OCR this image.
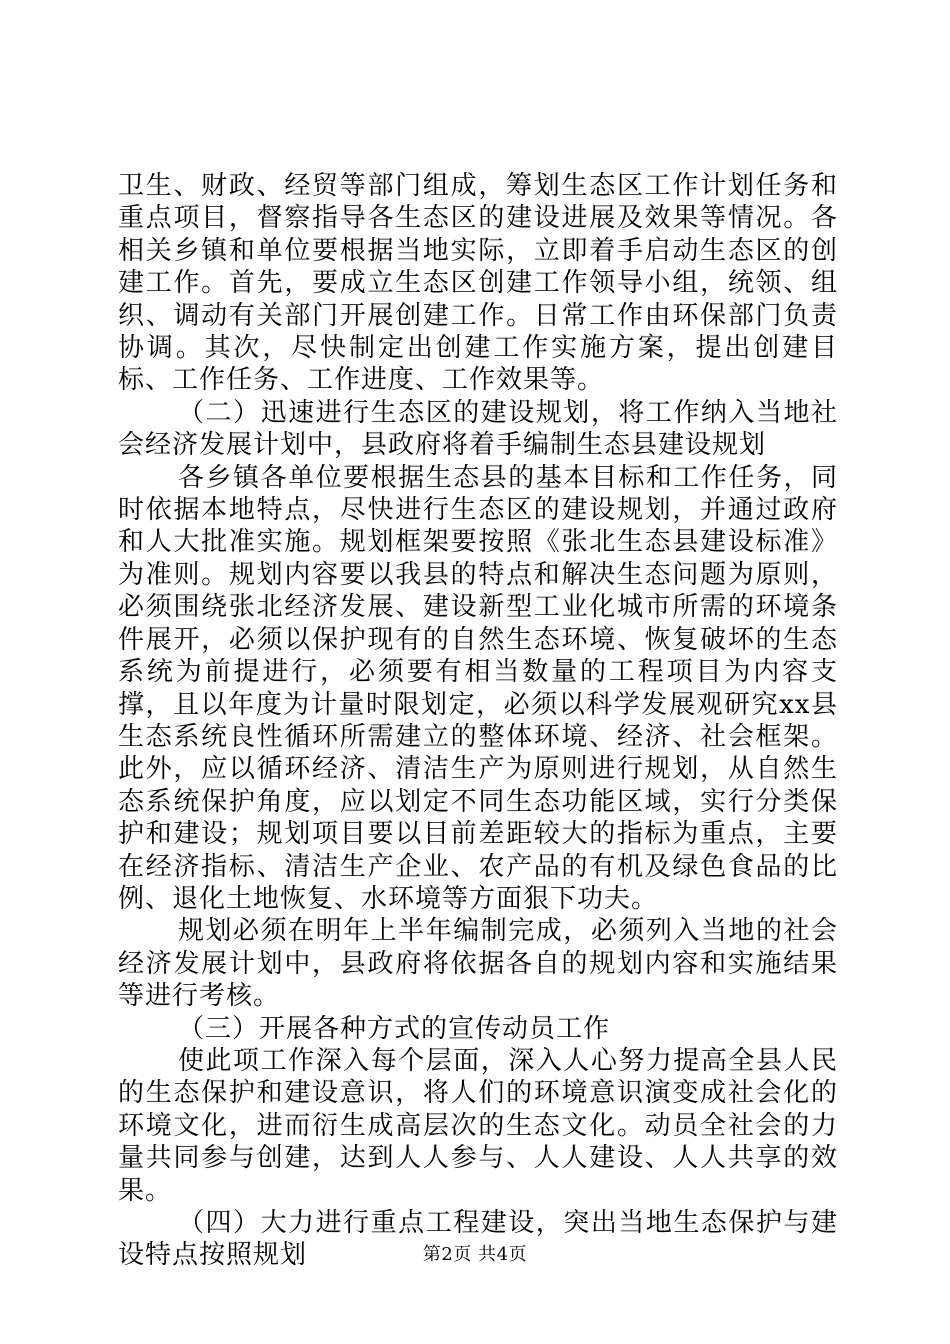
卫生、财政、经贸等部门组成，筹划生态区工作计划任务和重点项目，督察指导各生态区的建设进展及效果等情况。各相关乡镇和单位要根据当地实际，立即着手启动生态区的创建工作。首先，要成立生态区创建工作领导小组，统领、组织、调动有关部门开展创建工作。日常工作由环保部门负责协调。其次，尽快制定出创建工作实施方案，提出创建目标、工作任务、工作进度、工作效果等。

（二）迅速进行生态区的建设规划，将工作纳入当地社会经济发展计划中，县政府将着手编制生态县建设规划

各乡镇各单位要根据生态县的基本目标和工作任务，同时依据本地特点，尽快进行生态区的建设规划，并通过政府和人大批准实施。规划框架要按照《张北生态县建设标准》为准则。规划内容要以我县的特点和解决生态问题为原则，必须围绕张北经济发展、建设新型工业化城市所需的环境条件展开，必须以保护现有的自然生态环境、恢复破坏的生态系统为前提进行，必须要有相当数量的工程项目为内容支撑，且以年度为计量时限划定，必须以科学发展观研究xx县生态系统良性循环所需建立的整体环境、经济、社会框架。此外，应以循环经济、清洁生产为原则进行规划，从自然生态系统保护角度，应以划定不同生态功能区域，实行分类保护和建设；规划项目要以目前差距较大的指标为重点，主要在经济指标、清洁生产企业、农产品的有机及绿色食品的比例、退化土地恢复、水环境等方面狠下功夫。

规划必须在明年上半年编制完成，必须列入当地的社会经济发展计划中，县政府将依据各自的规划内容和实施结果等进行考核。

（三）开展各种方式的宣传动员工作

使此项工作深入每个层面，深入人心努力提高全县人民的生态保护和建设意识，将人们的环境意识演变成社会化的环境文化，进而衍生成高层次的生态文化。动员全社会的力量共同参与创建，达到人人参与、人人建设、人人共享的效果。

（四）大力进行重点工程建设，突出当地生态保护与建设特点按照规划	第2页 共4页
